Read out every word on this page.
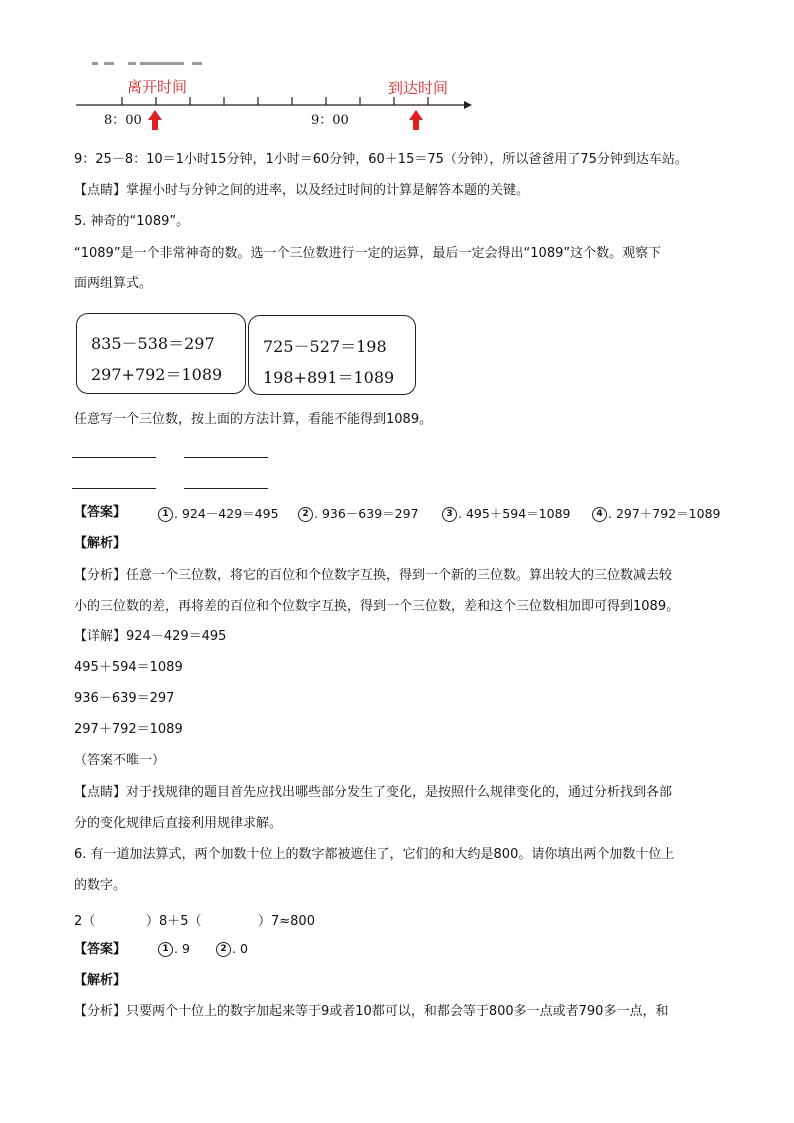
离开时间	到达时间
8：00	9：00
9：25－8：10＝1小时15分钟，1小时＝60分钟，60＋15＝75（分钟），所以爸爸用了75分钟到达车站。
【点睛】掌握小时与分钟之间的进率，以及经过时间的计算是解答本题的关键。
5. 神奇的“1089”。
“1089”是一个非常神奇的数。选一个三位数进行一定的运算，最后一定会得出“1089”这个数。观察下
面两组算式。
835－538＝297
297+792＝1089
725－527＝198
198+891＝1089
任意写一个三位数，按上面的方法计算，看能不能得到1089。
【答案】	1 . 924－429＝495	2 . 936－639＝297	3 . 495＋594＝1089	4 . 297＋792＝1089
【解析】
【分析】任意一个三位数，将它的百位和个位数字互换，得到一个新的三位数。算出较大的三位数减去较
小的三位数的差，再将差的百位和个位数字互换，得到一个三位数，差和这个三位数相加即可得到1089。
【详解】924－429＝495
495＋594＝1089
936－639＝297
297＋792＝1089
（答案不唯一）
【点睛】对于找规律的题目首先应找出哪些部分发生了变化，是按照什么规律变化的，通过分析找到各部
分的变化规律后直接利用规律求解。
6. 有一道加法算式，两个加数十位上的数字都被遮住了，它们的和大约是800。请你填出两个加数十位上
的数字。
2（	）8＋5（	）7≈800
【答案】	1 . 9	2 . 0
【解析】
【分析】只要两个十位上的数字加起来等于9或者10都可以，和都会等于800多一点或者790多一点，和
